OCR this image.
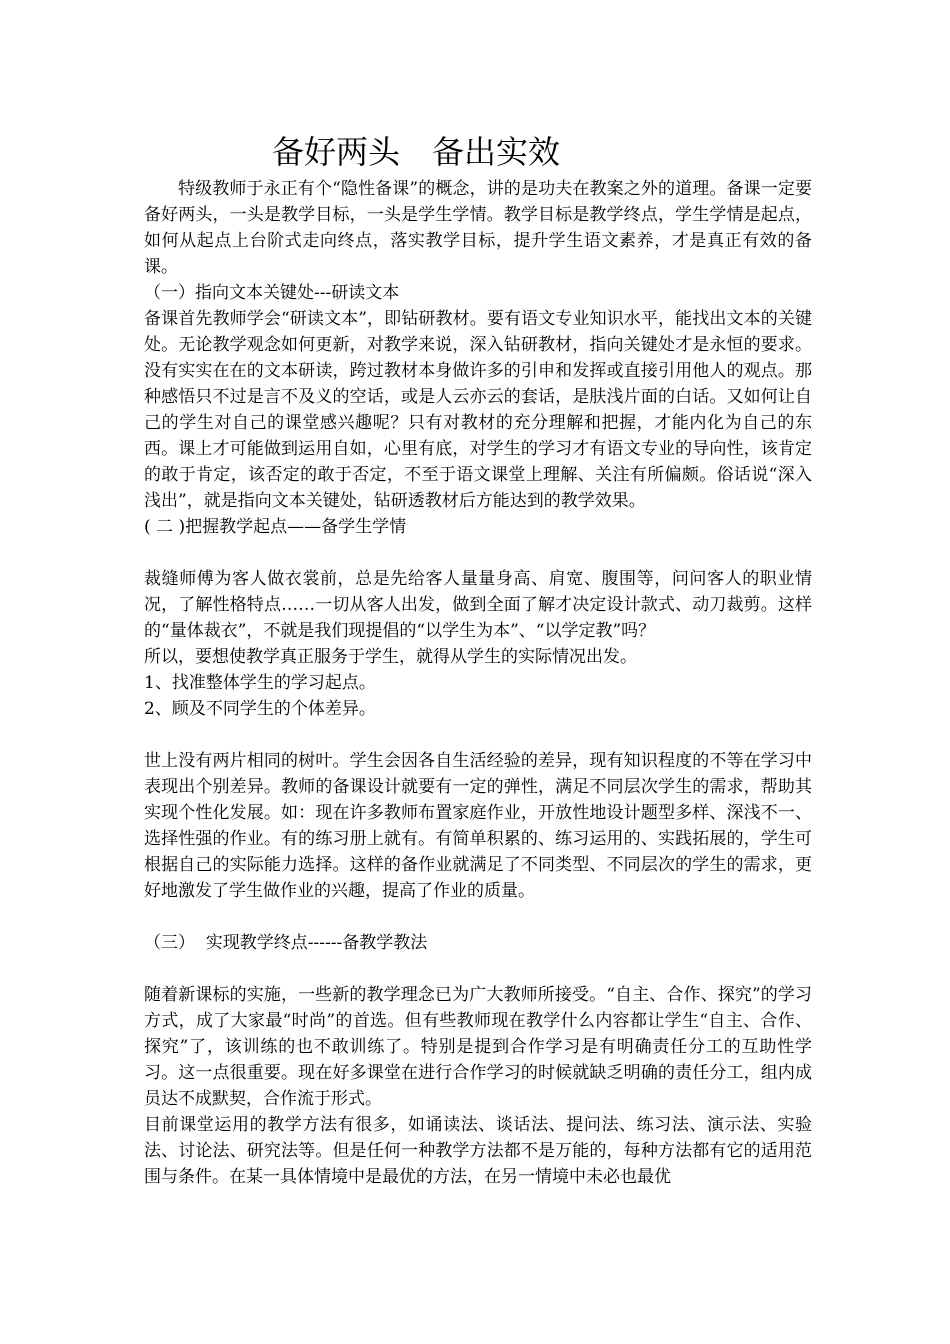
备好两头　备出实效

特级教师于永正有个“隐性备课”的概念，讲的是功夫在教案之外的道理。备课一定要备好两头，一头是教学目标，一头是学生学情。教学目标是教学终点，学生学情是起点，如何从起点上台阶式走向终点，落实教学目标，提升学生语文素养，才是真正有效的备课。

（一）指向文本关键处---研读文本

备课首先教师学会“研读文本”，即钻研教材。要有语文专业知识水平，能找出文本的关键处。无论教学观念如何更新，对教学来说，深入钻研教材，指向关键处才是永恒的要求。没有实实在在的文本研读，跨过教材本身做许多的引申和发挥或直接引用他人的观点。那种感悟只不过是言不及义的空话，或是人云亦云的套话，是肤浅片面的白话。又如何让自己的学生对自己的课堂感兴趣呢？只有对教材的充分理解和把握，才能内化为自己的东西。课上才可能做到运用自如，心里有底，对学生的学习才有语文专业的导向性，该肯定的敢于肯定，该否定的敢于否定，不至于语文课堂上理解、关注有所偏颇。俗话说“深入浅出”，就是指向文本关键处，钻研透教材后方能达到的教学效果。

( 二 )把握教学起点——备学生学情

裁缝师傅为客人做衣裳前，总是先给客人量量身高、肩宽、腹围等，问问客人的职业情况，了解性格特点……一切从客人出发，做到全面了解才决定设计款式、动刀裁剪。这样的“量体裁衣”，不就是我们现提倡的“以学生为本”、“以学定教”吗？

所以，要想使教学真正服务于学生，就得从学生的实际情况出发。

1、找准整体学生的学习起点。

2、顾及不同学生的个体差异。

世上没有两片相同的树叶。学生会因各自生活经验的差异，现有知识程度的不等在学习中表现出个别差异。教师的备课设计就要有一定的弹性，满足不同层次学生的需求，帮助其实现个性化发展。如：现在许多教师布置家庭作业，开放性地设计题型多样、深浅不一、选择性强的作业。有的练习册上就有。有简单积累的、练习运用的、实践拓展的，学生可根据自己的实际能力选择。这样的备作业就满足了不同类型、不同层次的学生的需求，更好地激发了学生做作业的兴趣，提高了作业的质量。

（三）  实现教学终点------备教学教法

随着新课标的实施，一些新的教学理念已为广大教师所接受。“自主、合作、探究”的学习方式，成了大家最“时尚”的首选。但有些教师现在教学什么内容都让学生“自主、合作、探究”了，该训练的也不敢训练了。特别是提到合作学习是有明确责任分工的互助性学习。这一点很重要。现在好多课堂在进行合作学习的时候就缺乏明确的责任分工，组内成员达不成默契，合作流于形式。

目前课堂运用的教学方法有很多，如诵读法、谈话法、提问法、练习法、演示法、实验法、讨论法、研究法等。但是任何一种教学方法都不是万能的，每种方法都有它的适用范围与条件。在某一具体情境中是最优的方法，在另一情境中未必也最优
